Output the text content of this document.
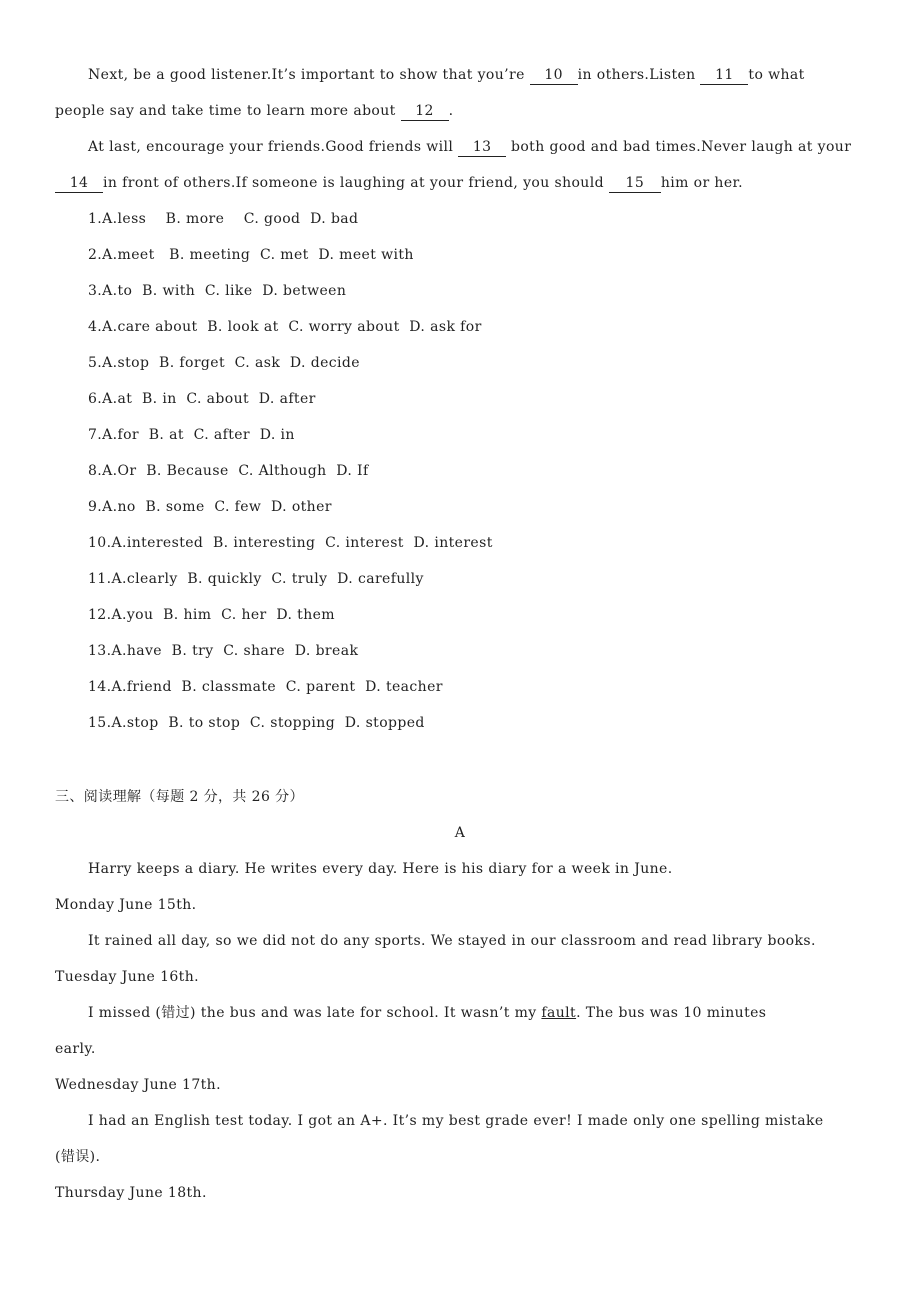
Next, be a good listener.It’s important to show that you’re 10 in others.Listen 11 to what
people say and take time to learn more about 12 .
At last, encourage your friends.Good friends will 13 both good and bad times.Never laugh at your
14 in front of others.If someone is laughing at your friend, you should 15 him or her.
1.A.less    B. more    C. good  D. bad
2.A.meet   B. meeting  C. met  D. meet with
3.A.to  B. with  C. like  D. between
4.A.care about  B. look at  C. worry about  D. ask for
5.A.stop  B. forget  C. ask  D. decide
6.A.at  B. in  C. about  D. after
7.A.for  B. at  C. after  D. in
8.A.Or  B. Because  C. Although  D. If
9.A.no  B. some  C. few  D. other
10.A.interested  B. interesting  C. interest  D. interest
11.A.clearly  B. quickly  C. truly  D. carefully
12.A.you  B. him  C. her  D. them
13.A.have  B. try  C. share  D. break
14.A.friend  B. classmate  C. parent  D. teacher
15.A.stop  B. to stop  C. stopping  D. stopped
三、阅读理解（每题 2 分，共 26 分）
A
Harry keeps a diary. He writes every day. Here is his diary for a week in June.
Monday June 15th.
It rained all day, so we did not do any sports. We stayed in our classroom and read library books.
Tuesday June 16th.
I missed (错过) the bus and was late for school. It wasn’t my fault. The bus was 10 minutes
early.
Wednesday June 17th.
I had an English test today. I got an A+. It’s my best grade ever! I made only one spelling mistake
(错误).
Thursday June 18th.
